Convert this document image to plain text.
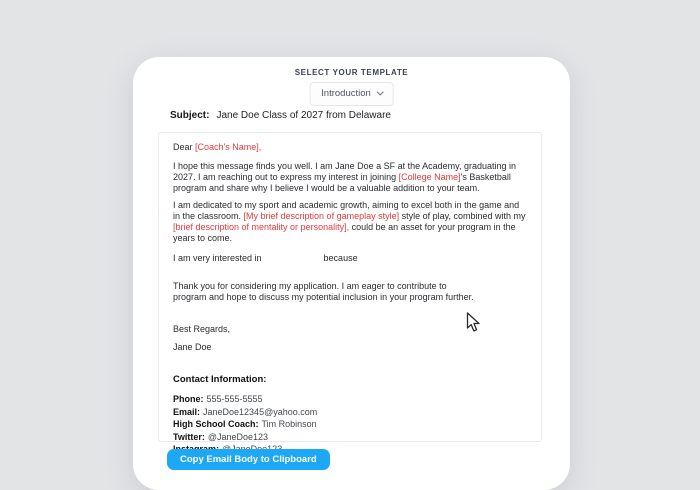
SELECT YOUR TEMPLATE
Introduction
Subject: Jane Doe Class of 2027 from Delaware
Dear [Coach's Name],
I hope this message finds you well. I am Jane Doe a SF at the Academy, graduating in 2027. I am reaching out to express my interest in joining [College Name]'s Basketball program and share why I believe I would be a valuable addition to your team.
I am dedicated to my sport and academic growth, aiming to excel both in the game and in the classroom. [My brief description of gameplay style] style of play, combined with my [brief description of mentality or personality], could be an asset for your program in the years to come.
I am very interested in	because
Thank you for considering my application. I am eager to contribute to
program and hope to discuss my potential inclusion in your program further.
Best Regards,
Jane Doe
Contact Information:
Phone: 555-555-5555
Email: JaneDoe12345@yahoo.com
High School Coach: Tim Robinson
Twitter: @JaneDoe123
Copy Email Body to Clipboard
